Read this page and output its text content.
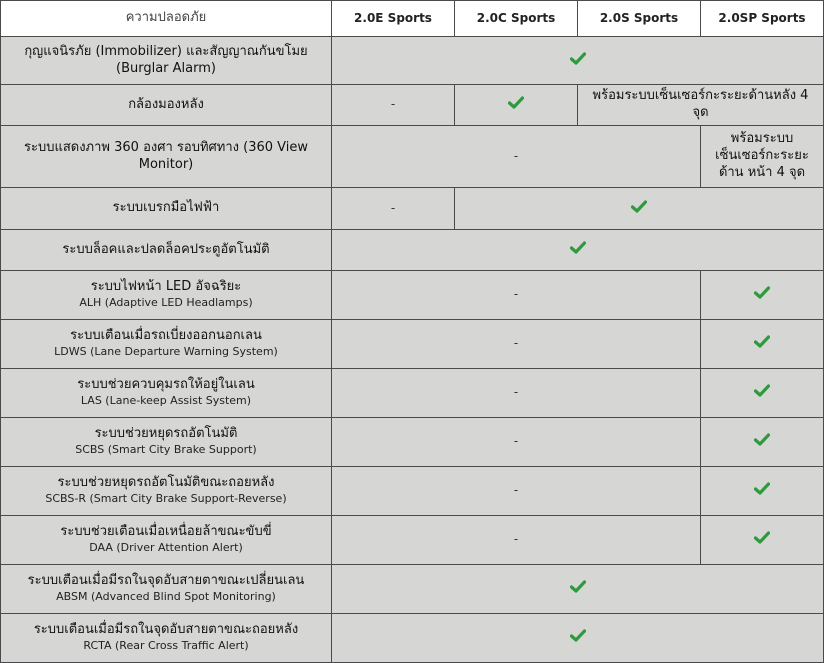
ความปลอดภัย	2.0E Sports	2.0C Sports	2.0S Sports	2.0SP Sports

กุญแจนิรภัย (Immobilizer) และสัญญาณกันขโมย (Burglar Alarm)

กล้องมองหลัง	-		พร้อมระบบเซ็นเซอร์กะระยะด้านหลัง 4 จุด	

ระบบแสดงภาพ 360 องศา รอบทิศทาง (360 View Monitor)	-			พร้อมระบบ เซ็นเซอร์กะระยะด้าน หน้า 4 จุด

ระบบเบรกมือไฟฟ้า	-	

ระบบล็อคและปลดล็อคประตูอัตโนมัติ

ระบบไฟหน้า LED อัจฉริยะ
ALH (Adaptive LED Headlamps)	-	

ระบบเตือนเมื่อรถเบี่ยงออกนอกเลน
LDWS (Lane Departure Warning System)	-	

ระบบช่วยควบคุมรถให้อยู่ในเลน
LAS (Lane-keep Assist System)	-	

ระบบช่วยหยุดรถอัตโนมัติ
SCBS (Smart City Brake Support)	-	

ระบบช่วยหยุดรถอัตโนมัติขณะถอยหลัง
SCBS-R (Smart City Brake Support-Reverse)	-	

ระบบช่วยเตือนเมื่อเหนื่อยล้าขณะขับขี่
DAA (Driver Attention Alert)	-	

ระบบเตือนเมื่อมีรถในจุดอับสายตาขณะเปลี่ยนเลน
ABSM (Advanced Blind Spot Monitoring)

ระบบเตือนเมื่อมีรถในจุดอับสายตาขณะถอยหลัง
RCTA (Rear Cross Traffic Alert)
